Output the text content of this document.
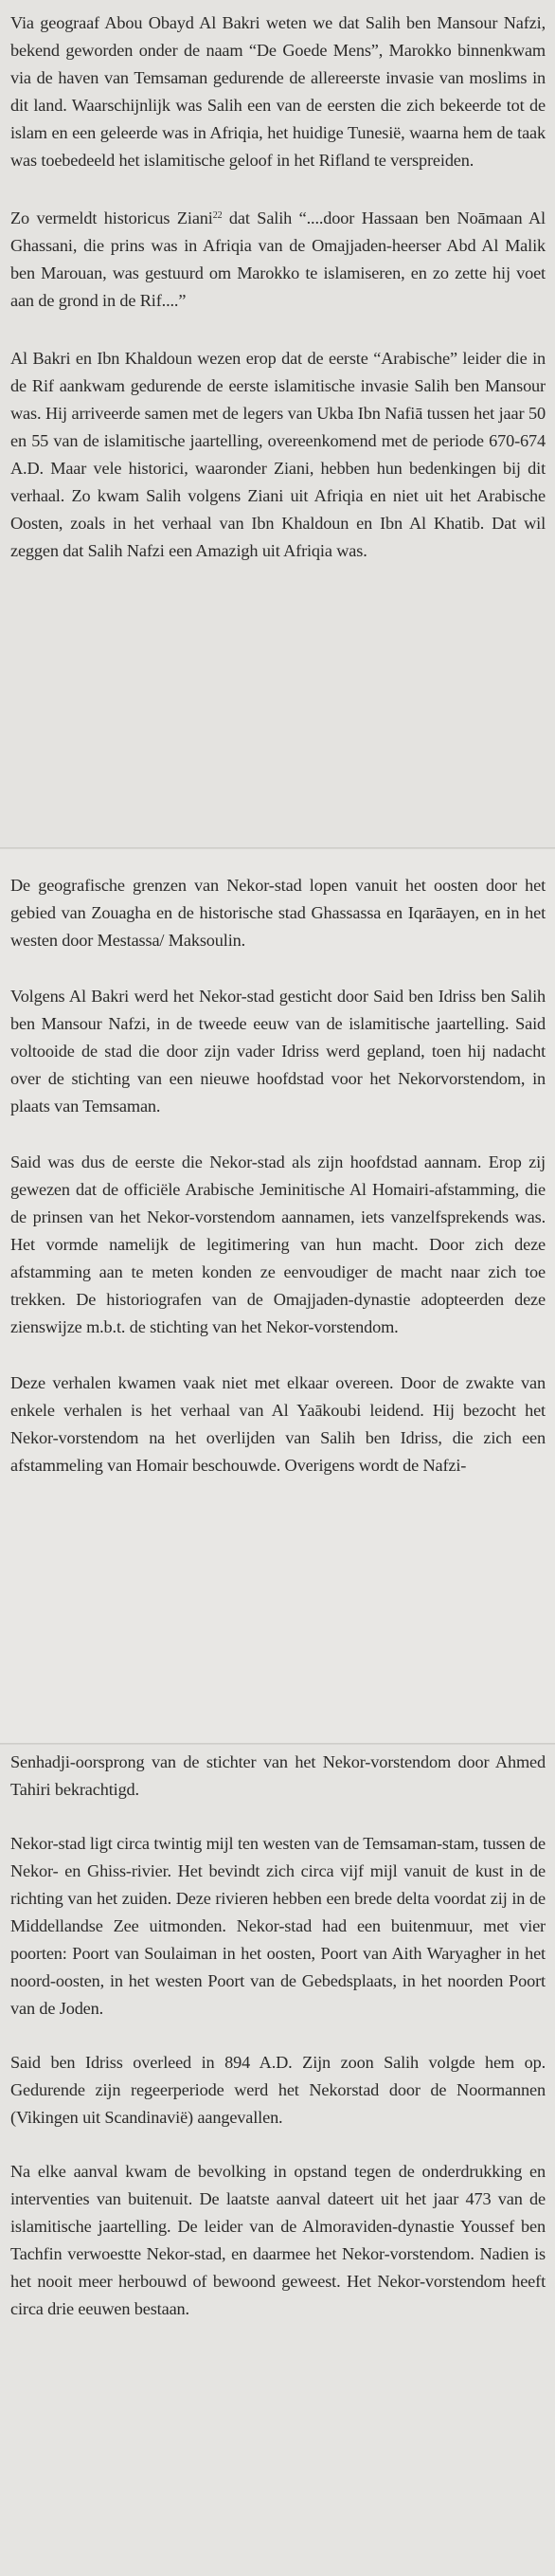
Via geograaf Abou Obayd Al Bakri weten we dat Salih ben Mansour Nafzi, bekend geworden onder de naam “De Goede Mens”, Marokko binnenkwam via de haven van Temsaman gedurende de allereerste invasie van moslims in dit land. Waarschijnlijk was Salih een van de eersten die zich bekeerde tot de islam en een geleerde was in Afriqia, het huidige Tunesië, waarna hem de taak was toebedeeld het islamitische geloof in het Rifland te verspreiden.

Zo vermeldt historicus Ziani$^{22}$ dat Salih “....door Hassaan ben Noāmaan Al Ghassani, die prins was in Afriqia van de Omajjaden-heerser Abd Al Malik ben Marouan, was gestuurd om Marokko te islamiseren, en zo zette hij voet aan de grond in de Rif....”

Al Bakri en Ibn Khaldoun wezen erop dat de eerste “Arabische” leider die in de Rif aankwam gedurende de eerste islamitische invasie Salih ben Mansour was. Hij arriveerde samen met de legers van Ukba Ibn Nafiā tussen het jaar 50 en 55 van de islamitische jaartelling, overeenkomend met de periode 670-674 A.D. Maar vele historici, waaronder Ziani, hebben hun bedenkingen bij dit verhaal. Zo kwam Salih volgens Ziani uit Afriqia en niet uit het Arabische Oosten, zoals in het verhaal van Ibn Khaldoun en Ibn Al Khatib. Dat wil zeggen dat Salih Nafzi een Amazigh uit Afriqia was.

De geografische grenzen van Nekor-stad lopen vanuit het oosten door het gebied van Zouagha en de historische stad Ghassassa en Iqarāayen, en in het westen door Mestassa/ Maksoulin.

Volgens Al Bakri werd het Nekor-stad gesticht door Said ben Idriss ben Salih ben Mansour Nafzi, in de tweede eeuw van de islamitische jaartelling. Said voltooide de stad die door zijn vader Idriss werd gepland, toen hij nadacht over de stichting van een nieuwe hoofdstad voor het Nekorvorstendom, in plaats van Temsaman.

Said was dus de eerste die Nekor-stad als zijn hoofdstad aannam. Erop zij gewezen dat de officiële Arabische Jeminitische Al Homairi-afstamming, die de prinsen van het Nekor-vorstendom aannamen, iets vanzelfsprekends was. Het vormde namelijk de legitimering van hun macht. Door zich deze afstamming aan te meten konden ze eenvoudiger de macht naar zich toe trekken. De historiografen van de Omajjaden-dynastie adopteerden deze zienswijze m.b.t. de stichting van het Nekor-vorstendom.

Deze verhalen kwamen vaak niet met elkaar overeen. Door de zwakte van enkele verhalen is het verhaal van Al Yaākoubi leidend. Hij bezocht het Nekor-vorstendom na het overlijden van Salih ben Idriss, die zich een afstammeling van Homair beschouwde. Overigens wordt de Nafzi-

Senhadji-oorsprong van de stichter van het Nekor-vorstendom door Ahmed Tahiri bekrachtigd.

Nekor-stad ligt circa twintig mijl ten westen van de Temsaman-stam, tussen de Nekor- en Ghiss-rivier. Het bevindt zich circa vijf mijl vanuit de kust in de richting van het zuiden. Deze rivieren hebben een brede delta voordat zij in de Middellandse Zee uitmonden. Nekor-stad had een buitenmuur, met vier poorten: Poort van Soulaiman in het oosten, Poort van Aith Waryagher in het noord-oosten, in het westen Poort van de Gebedsplaats, in het noorden Poort van de Joden.

Said ben Idriss overleed in 894 A.D. Zijn zoon Salih volgde hem op. Gedurende zijn regeerperiode werd het Nekorstad door de Noormannen (Vikingen uit Scandinavië) aangevallen.

Na elke aanval kwam de bevolking in opstand tegen de onderdrukking en interventies van buitenuit. De laatste aanval dateert uit het jaar 473 van de islamitische jaartelling. De leider van de Almoraviden-dynastie Youssef ben Tachfin verwoestte Nekor-stad, en daarmee het Nekor-vorstendom. Nadien is het nooit meer herbouwd of bewoond geweest. Het Nekor-vorstendom heeft circa drie eeuwen bestaan.
